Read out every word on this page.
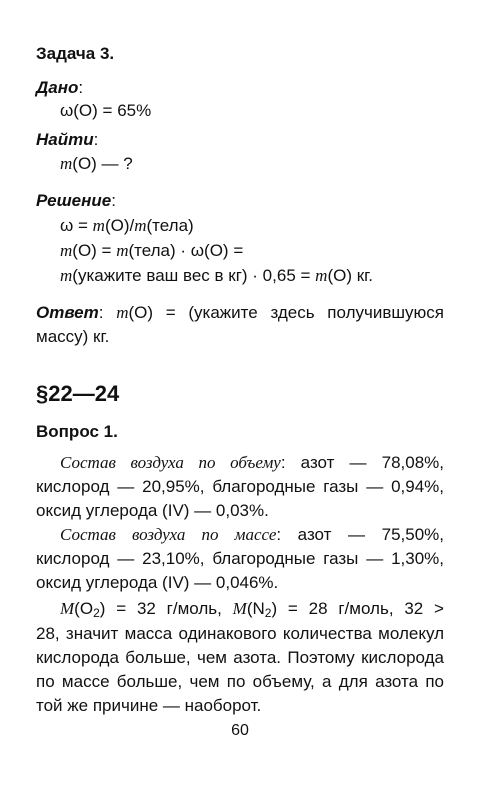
Задача 3.
Дано:
ω(O) = 65%
Найти:
m(O) — ?
Решение:
ω = m(O)/m(тела)
m(O) = m(тела) · ω(O) =
m(укажите ваш вес в кг) · 0,65 = m(O) кг.
Ответ: m(O) = (укажите здесь получившуюся
массу) кг.
§22—24
Вопрос 1.
Состав воздуха по объему: азот — 78,08%,
кислород — 20,95%, благородные газы — 0,94%,
оксид углерода (IV) — 0,03%.
Состав воздуха по массе: азот — 75,50%,
кислород — 23,10%, благородные газы — 1,30%,
оксид углерода (IV) — 0,046%.
$M(O_2) = 32$ г/моль, $M(N_2) = 28$ г/моль, 32 >
28, значит масса одинакового количества молекул
кислорода больше, чем азота. Поэтому кислорода
по массе больше, чем по объему, а для азота по
той же причине — наоборот.
60
